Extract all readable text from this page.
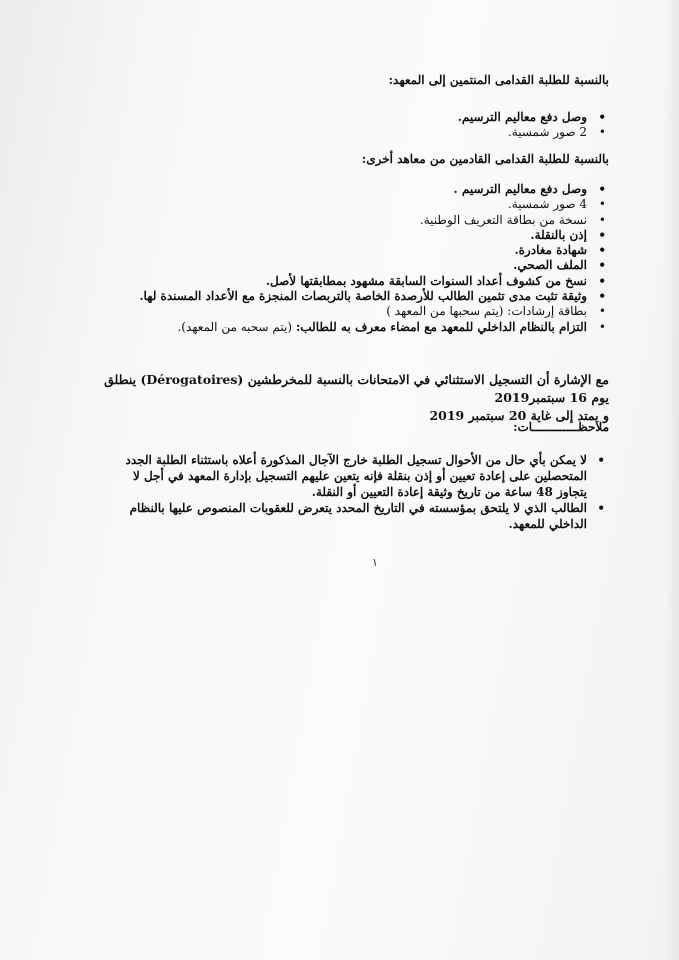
بالنسبة للطلبة القدامى المنتمين إلى المعهد:

• وصل دفع معاليم الترسيم.
• 2 صور شمسية.

بالنسبة للطلبة القدامى القادمين من معاهد أخرى:

• وصل دفع معاليم الترسيم .
• 4 صور شمسية.
• نسخة من بطاقة التعريف الوطنية.
• إذن بالنقلة.
• شهادة مغادرة.
• الملف الصحي.
• نسخ من كشوف أعداد السنوات السابقة مشهود بمطابقتها لأصل.
• وثيقة تثبت مدى تثمين الطالب للأرصدة الخاصة بالتربصات المنجزة مع الأعداد المسندة لها.
• بطاقة إرشادات: (يتم سحبها من المعهد )
• التزام بالنظام الداخلي للمعهد مع امضاء معرف به للطالب: (يتم سحبه من المعهد).
مع الإشارة أن التسجيل الاستثنائي في الامتحانات بالنسبة للمخرطشين (Dérogatoires) ينطلق يوم 16 سبتمبر2019
و يمتد إلى غاية 20 سبتمبر 2019

ملاحظـــــــــــــات:

• لا يمكن بأي حال من الأحوال تسجيل الطلبة خارج الآجال المذكورة أعلاه باستثناء الطلبة الجدد المتحصلين على إعادة تعيين أو إذن بنقلة فإنه يتعين عليهم التسجيل بإدارة المعهد في أجل لا يتجاوز 48 ساعة من تاريخ وثيقة إعادة التعيين أو النقلة.
• الطالب الذي لا يلتحق بمؤسسته في التاريخ المحدد يتعرض للعقوبات المنصوص عليها بالنظام الداخلي للمعهد.
١
